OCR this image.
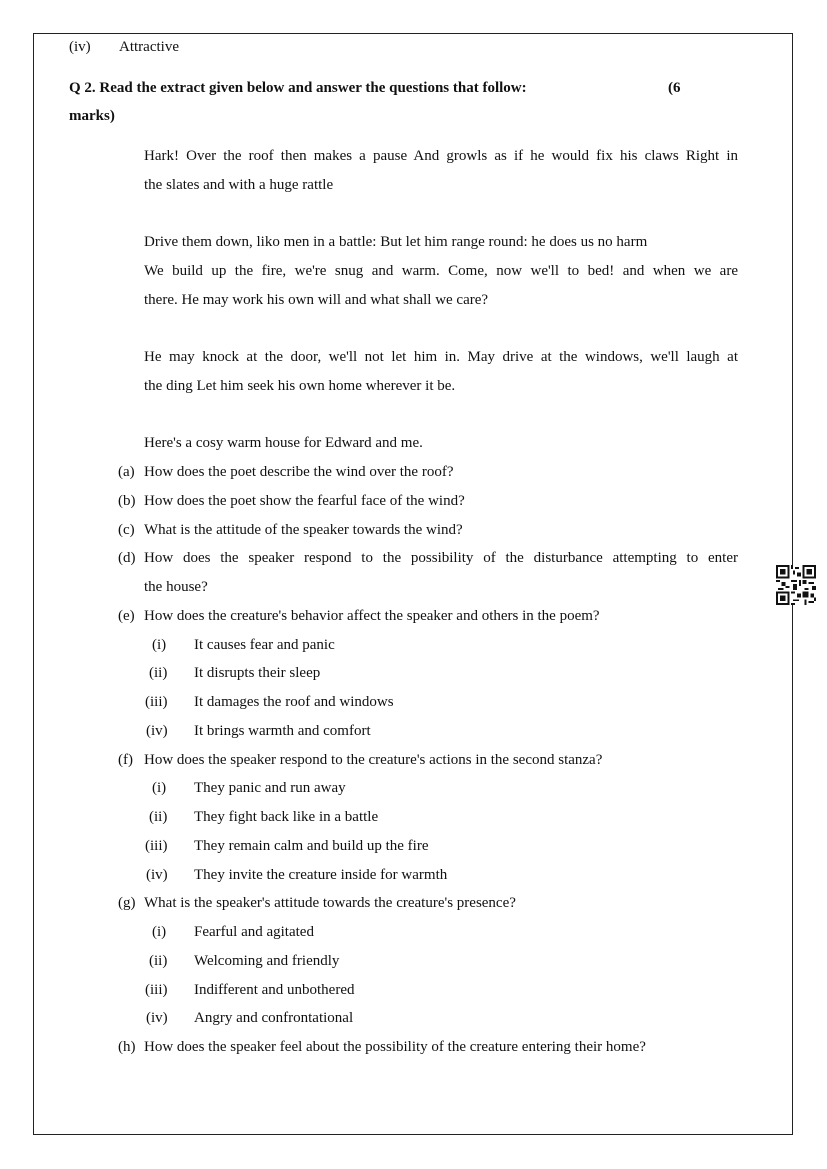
(iv) Attractive
Q 2. Read the extract given below and answer the questions that follow:	(6
marks)
Hark! Over the roof then makes a pause And growls as if he would fix his claws Right in
the slates and with a huge rattle
Drive them down, liko men in a battle: But let him range round: he does us no harm
We build up the fire, we're snug and warm. Come, now we'll to bed! and when we are
there. He may work his own will and what shall we care?
He may knock at the door, we'll not let him in. May drive at the windows, we'll laugh at
the ding Let him seek his own home wherever it be.
Here's a cosy warm house for Edward and me.
(a) How does the poet describe the wind over the roof?
(b) How does the poet show the fearful face of the wind?
(c) What is the attitude of the speaker towards the wind?
(d) How does the speaker respond to the possibility of the disturbance attempting to enter
the house?
(e) How does the creature's behavior affect the speaker and others in the poem?
(i) It causes fear and panic
(ii) It disrupts their sleep
(iii) It damages the roof and windows
(iv) It brings warmth and comfort
(f) How does the speaker respond to the creature's actions in the second stanza?
(i) They panic and run away
(ii) They fight back like in a battle
(iii) They remain calm and build up the fire
(iv) They invite the creature inside for warmth
(g) What is the speaker's attitude towards the creature's presence?
(i) Fearful and agitated
(ii) Welcoming and friendly
(iii) Indifferent and unbothered
(iv) Angry and confrontational
(h) How does the speaker feel about the possibility of the creature entering their home?
